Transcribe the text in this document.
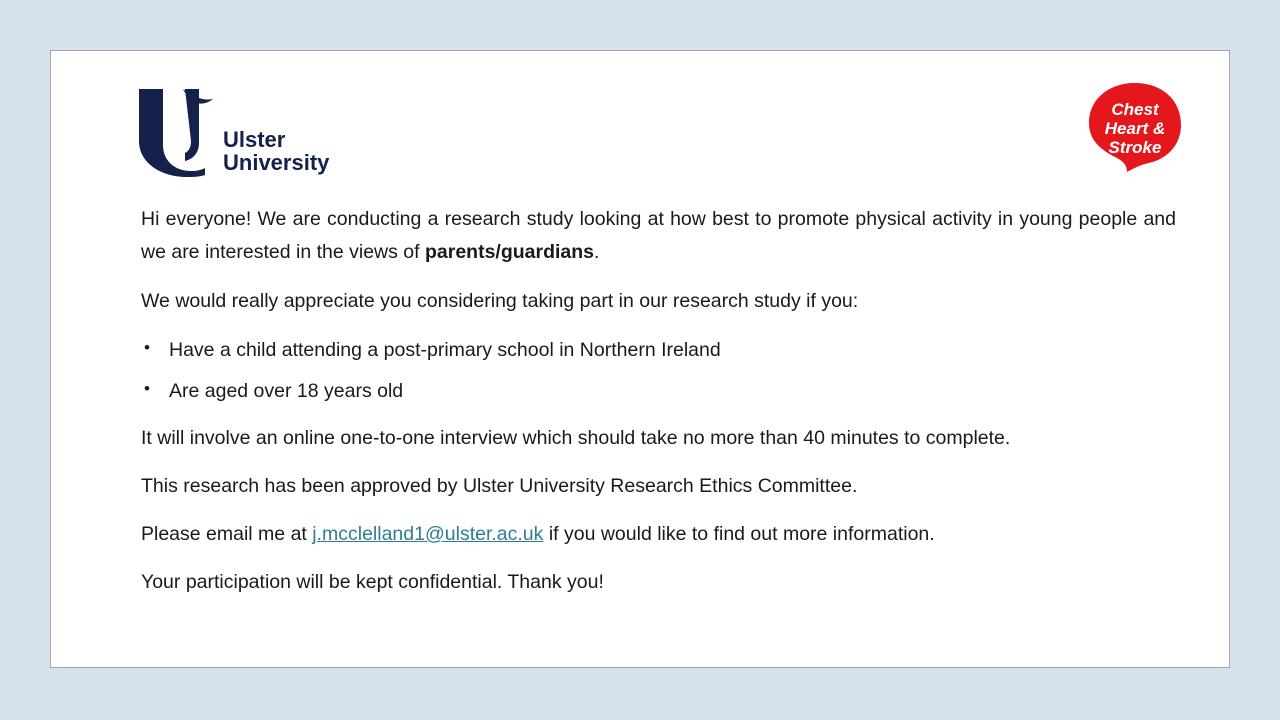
Ulster
University
Chest
Heart &
Stroke

Hi everyone! We are conducting a research study looking at how best to promote physical activity in young people and we are interested in the views of parents/guardians.

We would really appreciate you considering taking part in our research study if you:

• Have a child attending a post-primary school in Northern Ireland
• Are aged over 18 years old

It will involve an online one-to-one interview which should take no more than 40 minutes to complete.

This research has been approved by Ulster University Research Ethics Committee.

Please email me at j.mcclelland1@ulster.ac.uk if you would like to find out more information.

Your participation will be kept confidential. Thank you!
